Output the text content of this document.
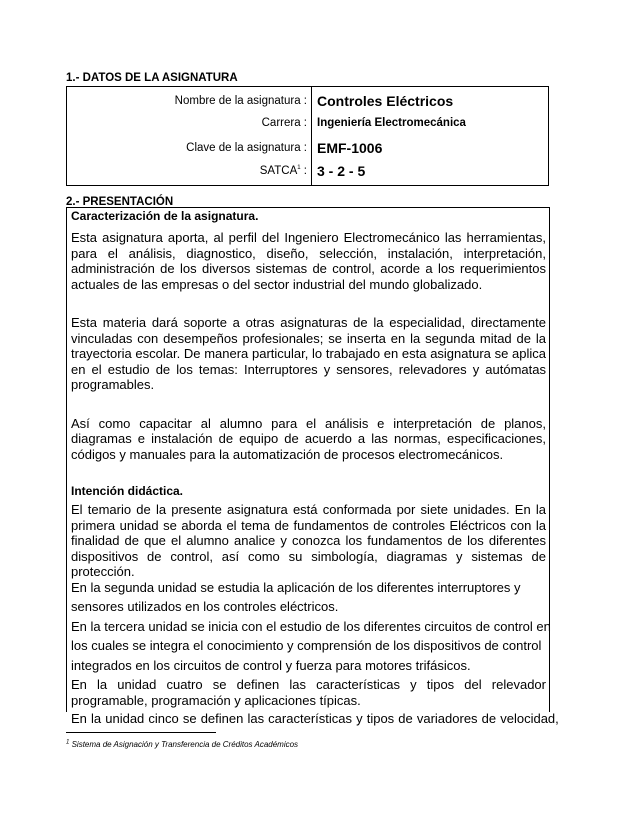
1.- DATOS DE LA ASIGNATURA
Nombre de la asignatura : Controles Eléctricos
Carrera : Ingeniería Electromecánica
Clave de la asignatura : EMF-1006
SATCA$^1$ : 3 - 2 - 5
2.- PRESENTACIÓN
Caracterización de la asignatura.

Esta asignatura aporta, al perfil del Ingeniero Electromecánico las herramientas, para el análisis, diagnostico, diseño, selección, instalación, interpretación, administración de los diversos sistemas de control, acorde a los requerimientos actuales de las empresas o del sector industrial del mundo globalizado.

Esta materia dará soporte a otras asignaturas de la especialidad, directamente vinculadas con desempeños profesionales; se inserta en la segunda mitad de la trayectoria escolar. De manera particular, lo trabajado en esta asignatura se aplica en el estudio de los temas: Interruptores y sensores, relevadores y autómatas programables.

Así como capacitar al alumno para el análisis e interpretación de planos, diagramas e instalación de equipo de acuerdo a las normas, especificaciones, códigos y manuales para la automatización de procesos electromecánicos.

Intención didáctica.

El temario de la presente asignatura está conformada por siete unidades. En la primera unidad se aborda el tema de fundamentos de controles Eléctricos con la finalidad de que el alumno analice y conozca los fundamentos de los diferentes dispositivos de control, así como su simbología, diagramas y sistemas de protección.

En la segunda unidad se estudia la aplicación de los diferentes interruptores y

sensores utilizados en los controles eléctricos.

En la tercera unidad se inicia con el estudio de los diferentes circuitos de control en

los cuales se integra el conocimiento y comprensión de los dispositivos de control

integrados en los circuitos de control y fuerza para motores trifásicos.

En la unidad cuatro se definen las características y tipos del relevador programable, programación y aplicaciones típicas.

En la unidad cinco se definen las características y tipos de variadores de velocidad,

$^1$ Sistema de Asignación y Transferencia de Créditos Académicos
